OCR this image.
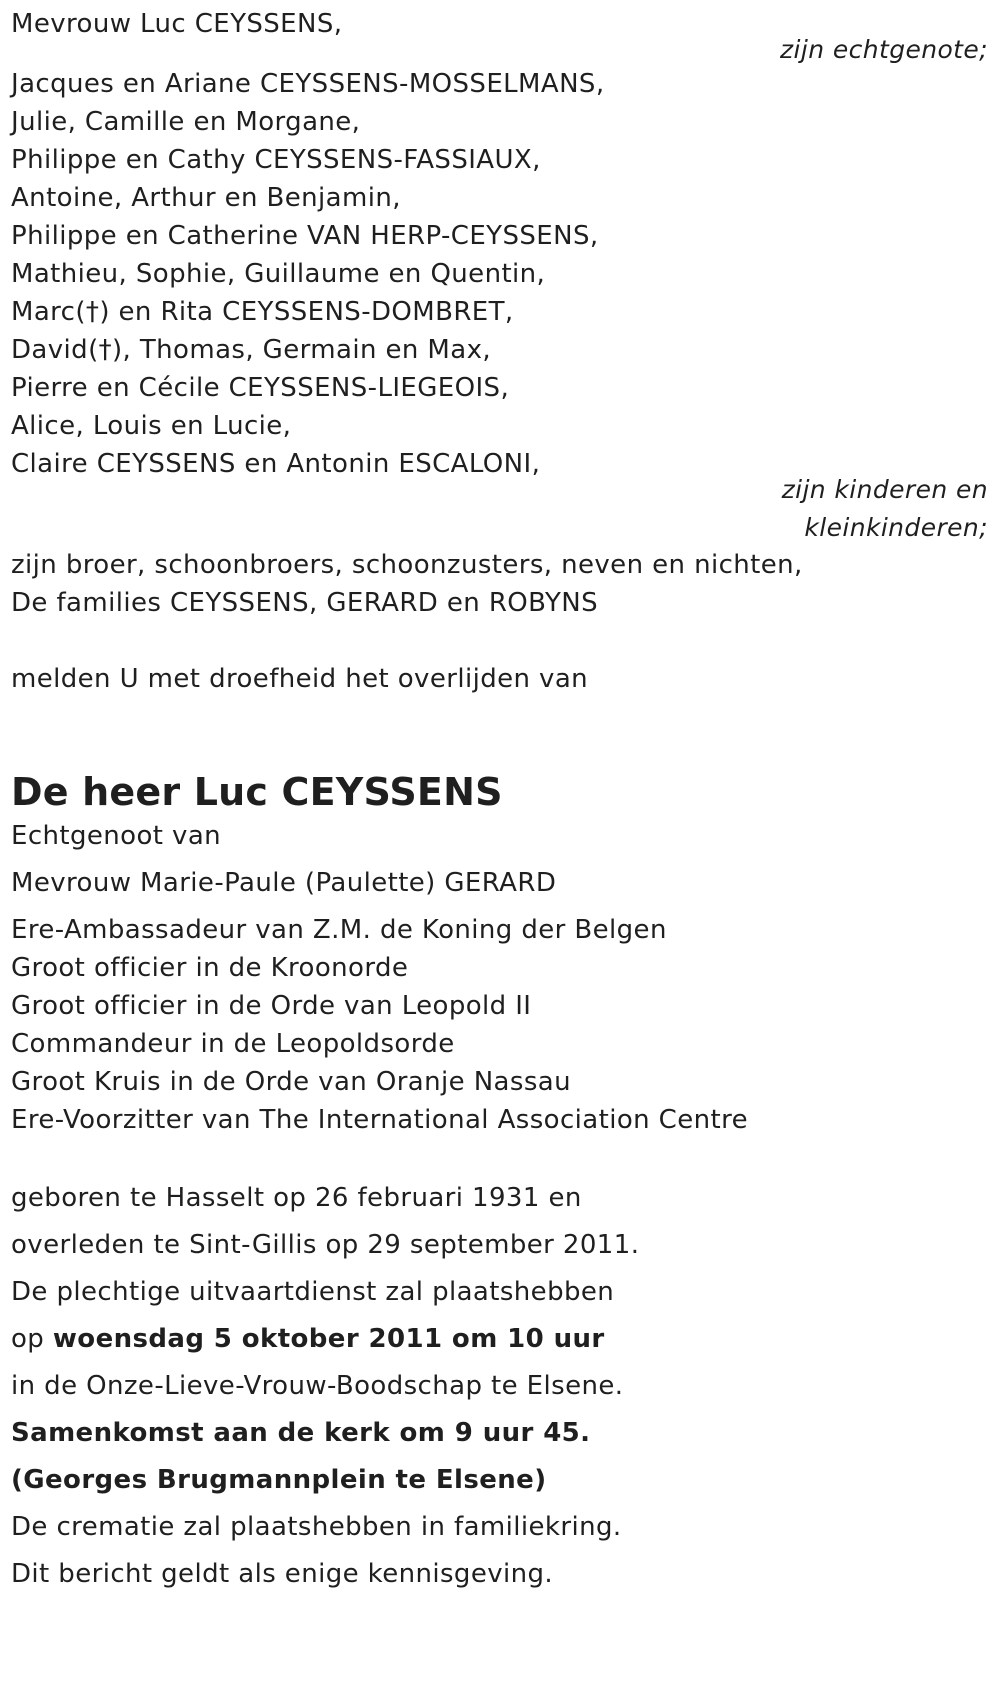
Mevrouw Luc CEYSSENS,
zijn echtgenote;
Jacques en Ariane CEYSSENS-MOSSELMANS,
Julie, Camille en Morgane,
Philippe en Cathy CEYSSENS-FASSIAUX,
Antoine, Arthur en Benjamin,
Philippe en Catherine VAN HERP-CEYSSENS,
Mathieu, Sophie, Guillaume en Quentin,
Marc(†) en Rita CEYSSENS-DOMBRET,
David(†), Thomas, Germain en Max,
Pierre en Cécile CEYSSENS-LIEGEOIS,
Alice, Louis en Lucie,
Claire CEYSSENS en Antonin ESCALONI,
zijn kinderen en
kleinkinderen;
zijn broer, schoonbroers, schoonzusters, neven en nichten,
De families CEYSSENS, GERARD en ROBYNS
melden U met droefheid het overlijden van
De heer Luc CEYSSENS
Echtgenoot van
Mevrouw Marie-Paule (Paulette) GERARD
Ere-Ambassadeur van Z.M. de Koning der Belgen
Groot officier in de Kroonorde
Groot officier in de Orde van Leopold II
Commandeur in de Leopoldsorde
Groot Kruis in de Orde van Oranje Nassau
Ere-Voorzitter van The International Association Centre
geboren te Hasselt op 26 februari 1931 en
overleden te Sint-Gillis op 29 september 2011.
De plechtige uitvaartdienst zal plaatshebben
op woensdag 5 oktober 2011 om 10 uur
in de Onze-Lieve-Vrouw-Boodschap te Elsene.
Samenkomst aan de kerk om 9 uur 45.
(Georges Brugmannplein te Elsene)
De crematie zal plaatshebben in familiekring.
Dit bericht geldt als enige kennisgeving.
